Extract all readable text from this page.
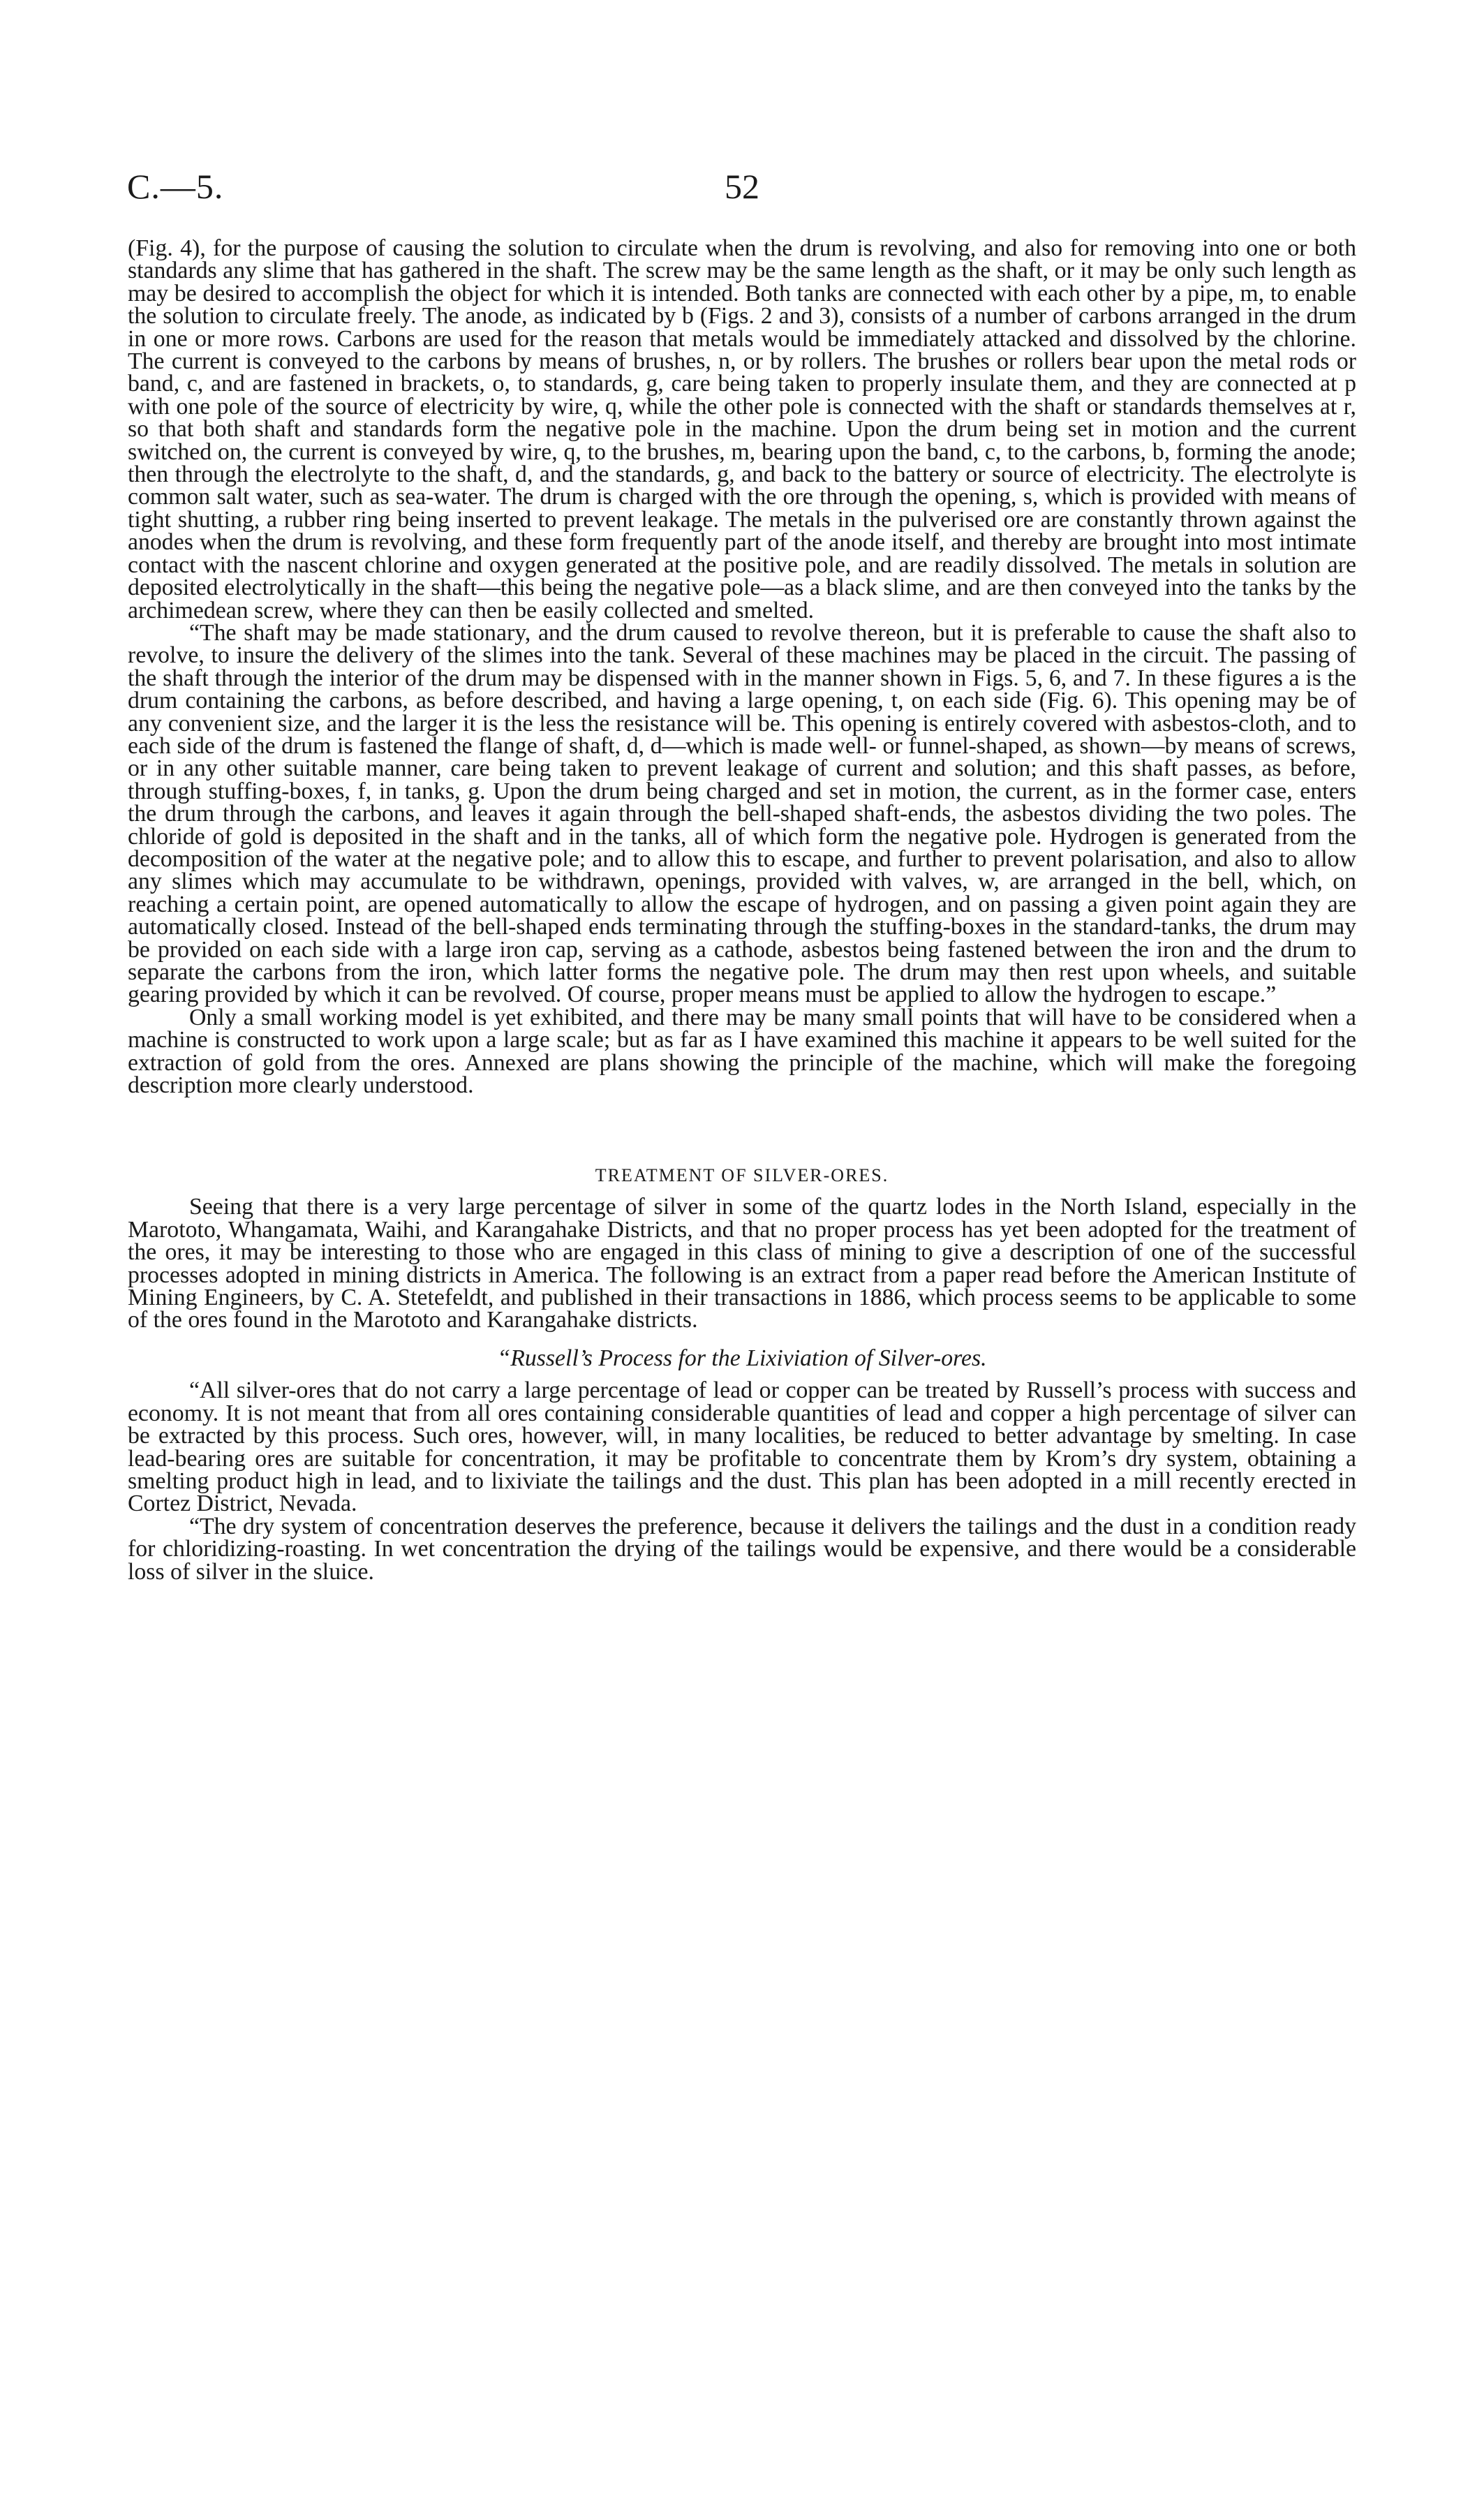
C.—5.	52

(Fig. 4), for the purpose of causing the solution to circulate when the drum is revolving, and also for removing into one or both standards any slime that has gathered in the shaft. The screw may be the same length as the shaft, or it may be only such length as may be desired to accomplish the object for which it is intended. Both tanks are connected with each other by a pipe, m, to enable the solution to circulate freely. The anode, as indicated by b (Figs. 2 and 3), consists of a number of carbons arranged in the drum in one or more rows. Carbons are used for the reason that metals would be immediately attacked and dissolved by the chlorine. The current is conveyed to the carbons by means of brushes, n, or by rollers. The brushes or rollers bear upon the metal rods or band, c, and are fastened in brackets, o, to standards, g, care being taken to properly insulate them, and they are connected at p with one pole of the source of electricity by wire, q, while the other pole is connected with the shaft or standards themselves at r, so that both shaft and standards form the negative pole in the machine. Upon the drum being set in motion and the current switched on, the current is conveyed by wire, q, to the brushes, m, bearing upon the band, c, to the carbons, b, forming the anode; then through the electrolyte to the shaft, d, and the standards, g, and back to the battery or source of electricity. The electrolyte is common salt water, such as sea-water. The drum is charged with the ore through the opening, s, which is provided with means of tight shutting, a rubber ring being inserted to prevent leakage. The metals in the pulverised ore are constantly thrown against the anodes when the drum is revolving, and these form frequently part of the anode itself, and thereby are brought into most intimate contact with the nascent chlorine and oxygen generated at the positive pole, and are readily dissolved. The metals in solution are deposited electrolytically in the shaft—this being the negative pole—as a black slime, and are then conveyed into the tanks by the archimedean screw, where they can then be easily collected and smelted.

“The shaft may be made stationary, and the drum caused to revolve thereon, but it is preferable to cause the shaft also to revolve, to insure the delivery of the slimes into the tank. Several of these machines may be placed in the circuit. The passing of the shaft through the interior of the drum may be dispensed with in the manner shown in Figs. 5, 6, and 7. In these figures a is the drum containing the carbons, as before described, and having a large opening, t, on each side (Fig. 6). This opening may be of any convenient size, and the larger it is the less the resistance will be. This opening is entirely covered with asbestos-cloth, and to each side of the drum is fastened the flange of shaft, d, d—which is made well- or funnel-shaped, as shown—by means of screws, or in any other suitable manner, care being taken to prevent leakage of current and solution; and this shaft passes, as before, through stuffing-boxes, f, in tanks, g. Upon the drum being charged and set in motion, the current, as in the former case, enters the drum through the carbons, and leaves it again through the bell-shaped shaft-ends, the asbestos dividing the two poles. The chloride of gold is deposited in the shaft and in the tanks, all of which form the negative pole. Hydrogen is generated from the decomposition of the water at the negative pole; and to allow this to escape, and further to prevent polarisation, and also to allow any slimes which may accumulate to be withdrawn, openings, provided with valves, w, are arranged in the bell, which, on reaching a certain point, are opened automatically to allow the escape of hydrogen, and on passing a given point again they are automatically closed. Instead of the bell-shaped ends terminating through the stuffing-boxes in the standard-tanks, the drum may be provided on each side with a large iron cap, serving as a cathode, asbestos being fastened between the iron and the drum to separate the carbons from the iron, which latter forms the negative pole. The drum may then rest upon wheels, and suitable gearing provided by which it can be revolved. Of course, proper means must be applied to allow the hydrogen to escape.”

Only a small working model is yet exhibited, and there may be many small points that will have to be considered when a machine is constructed to work upon a large scale; but as far as I have examined this machine it appears to be well suited for the extraction of gold from the ores. Annexed are plans showing the principle of the machine, which will make the foregoing description more clearly understood.

TREATMENT OF SILVER-ORES.

Seeing that there is a very large percentage of silver in some of the quartz lodes in the North Island, especially in the Marototo, Whangamata, Waihi, and Karangahake Districts, and that no proper process has yet been adopted for the treatment of the ores, it may be interesting to those who are engaged in this class of mining to give a description of one of the successful processes adopted in mining districts in America. The following is an extract from a paper read before the American Institute of Mining Engineers, by C. A. Stetefeldt, and published in their transactions in 1886, which process seems to be applicable to some of the ores found in the Marototo and Karangahake districts.

“Russell’s Process for the Lixiviation of Silver-ores.

“All silver-ores that do not carry a large percentage of lead or copper can be treated by Russell’s process with success and economy. It is not meant that from all ores containing considerable quantities of lead and copper a high percentage of silver can be extracted by this process. Such ores, however, will, in many localities, be reduced to better advantage by smelting. In case lead-bearing ores are suitable for concentration, it may be profitable to concentrate them by Krom’s dry system, obtaining a smelting product high in lead, and to lixiviate the tailings and the dust. This plan has been adopted in a mill recently erected in Cortez District, Nevada.

“The dry system of concentration deserves the preference, because it delivers the tailings and the dust in a condition ready for chloridizing-roasting. In wet concentration the drying of the tailings would be expensive, and there would be a considerable loss of silver in the sluice.
